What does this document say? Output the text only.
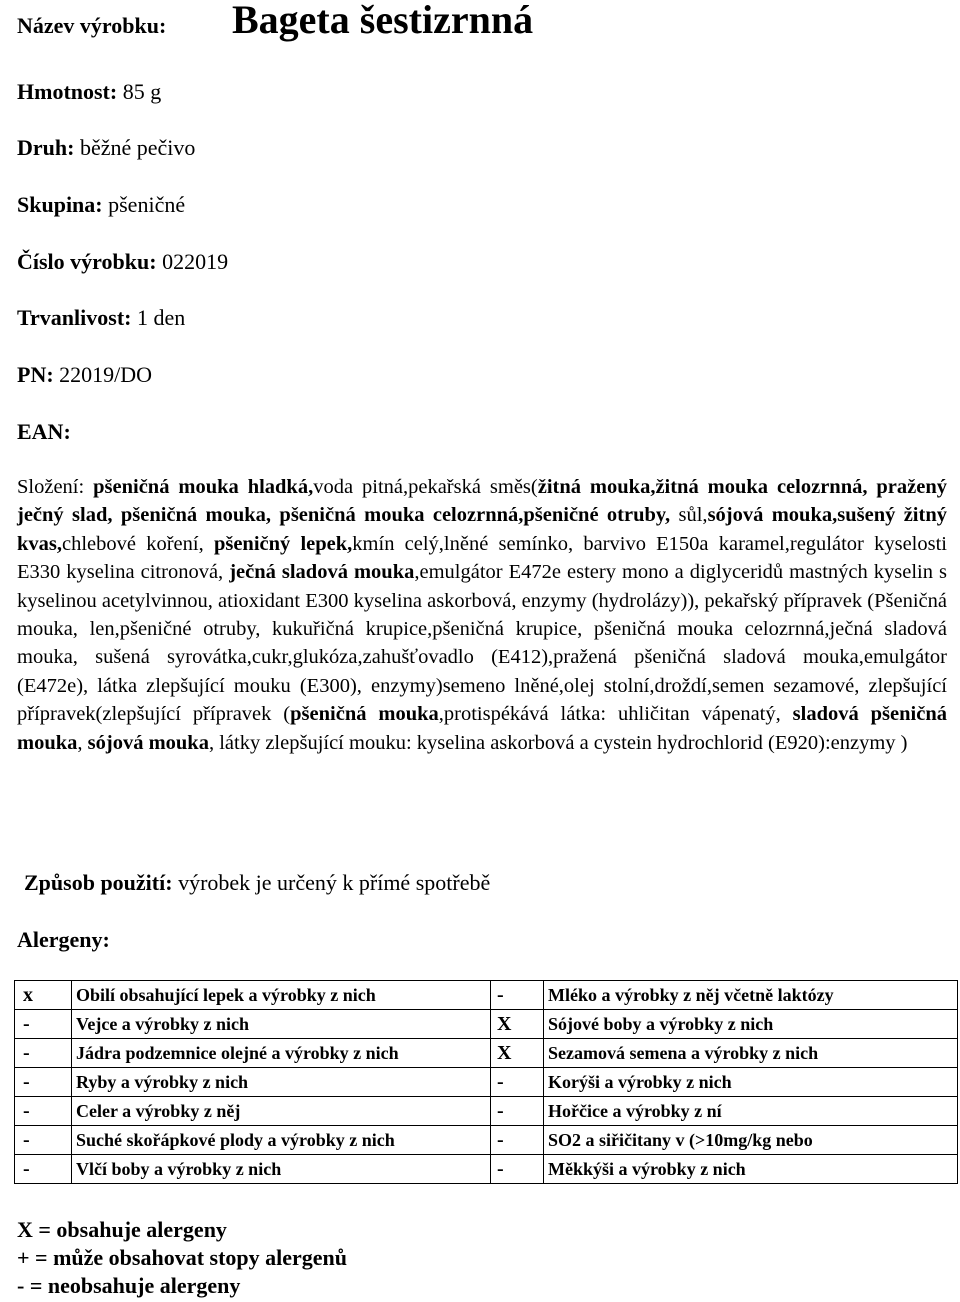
Název výrobku: Bageta šestizrnná
Hmotnost: 85 g
Druh: běžné pečivo
Skupina: pšeničné
Číslo výrobku: 022019
Trvanlivost: 1 den
PN: 22019/DO
EAN:
Složení: pšeničná mouka hladká,voda pitná,pekařská směs(žitná mouka,žitná mouka celozrnná, pražený ječný slad, pšeničná mouka, pšeničná mouka celozrnná,pšeničné otruby, sůl,sójová mouka,sušený žitný kvas,chlebové koření, pšeničný lepek,kmín celý,lněné semínko, barvivo E150a karamel,regulátor kyselosti E330 kyselina citronová, ječná sladová mouka,emulgátor E472e estery mono a diglyceridů mastných kyselin s kyselinou acetylvinnou, atioxidant E300 kyselina askorbová, enzymy (hydrolázy)), pekařský přípravek (Pšeničná mouka, len,pšeničné otruby, kukuřičná krupice,pšeničná krupice, pšeničná mouka celozrnná,ječná sladová mouka, sušená syrovátka,cukr,glukóza,zahušťovadlo (E412),pražená pšeničná sladová mouka,emulgátor (E472e), látka zlepšující mouku (E300), enzymy)semeno lněné,olej stolní,droždí,semen sezamové, zlepšující přípravek(zlepšující přípravek (pšeničná mouka,protispékává látka: uhličitan vápenatý, sladová pšeničná mouka, sójová mouka, látky zlepšující mouku: kyselina askorbová a cystein hydrochlorid (E920):enzymy )
Způsob použití: výrobek je určený k přímé spotřebě
Alergeny:
x	Obilí obsahující lepek a výrobky z nich	-	Mléko a výrobky z něj včetně laktózy
-	Vejce a výrobky z nich	X	Sójové boby a výrobky z nich
-	Jádra podzemnice olejné a výrobky z nich	X	Sezamová semena a výrobky z nich
-	Ryby a výrobky z nich	-	Korýši a výrobky z nich
-	Celer a výrobky z něj	-	Hořčice a výrobky z ní
-	Suché skořápkové plody a výrobky z nich	-	SO2 a siřičitany v (>10mg/kg nebo
-	Vlčí boby a výrobky z nich	-	Měkkýši a výrobky z nich
X = obsahuje alergeny
+ = může obsahovat stopy alergenů
- = neobsahuje alergeny
